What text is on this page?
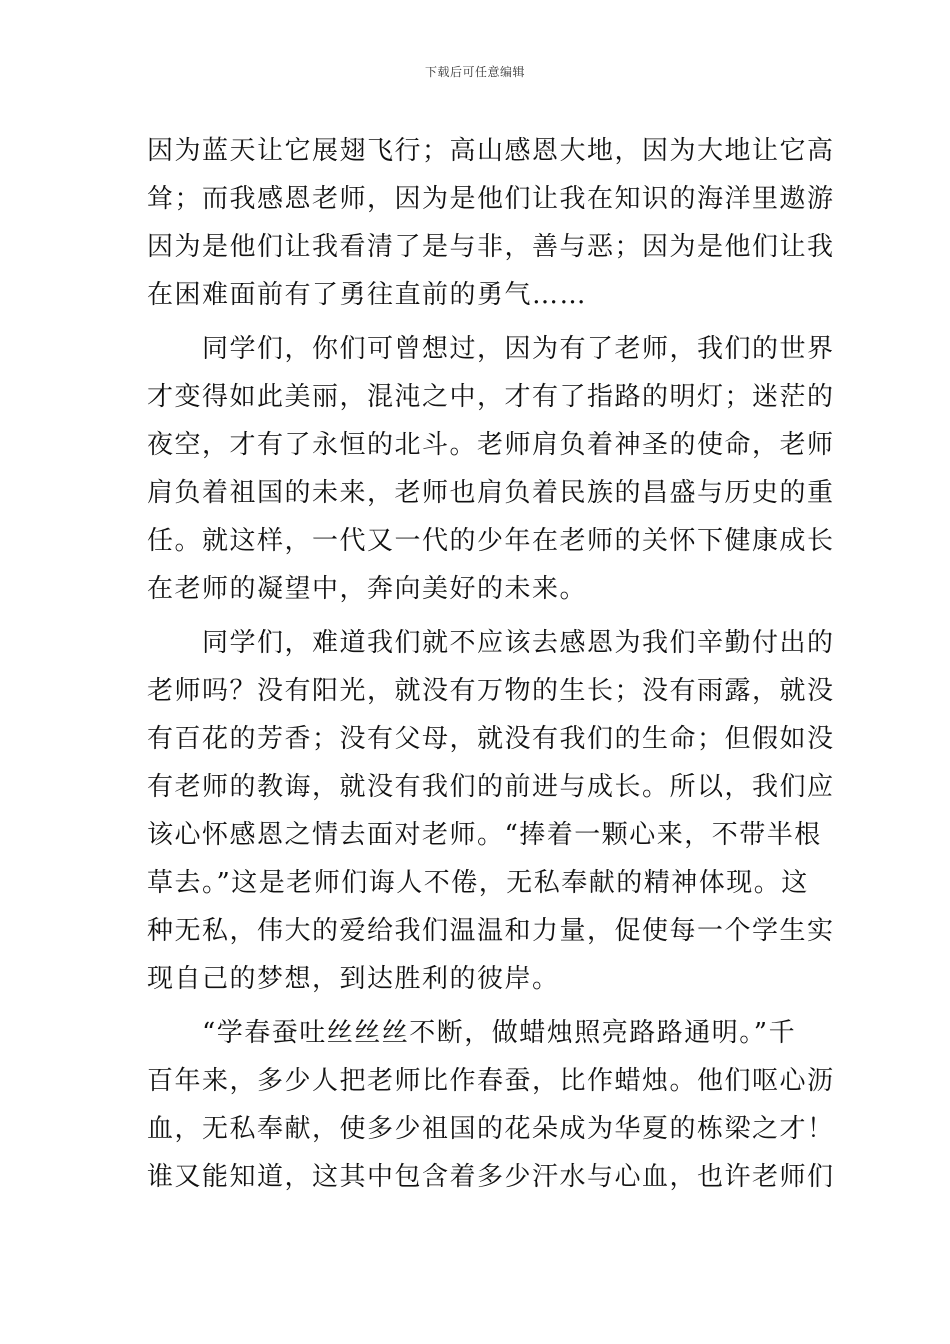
下载后可任意编辑
因为蓝天让它展翅飞行；高山感恩大地，因为大地让它高
耸；而我感恩老师，因为是他们让我在知识的海洋里遨游
因为是他们让我看清了是与非，善与恶；因为是他们让我
在困难面前有了勇往直前的勇气……
　　同学们，你们可曾想过，因为有了老师，我们的世界
才变得如此美丽，混沌之中，才有了指路的明灯；迷茫的
夜空，才有了永恒的北斗。老师肩负着神圣的使命，老师
肩负着祖国的未来，老师也肩负着民族的昌盛与历史的重
任。就这样，一代又一代的少年在老师的关怀下健康成长
在老师的凝望中，奔向美好的未来。
　　同学们，难道我们就不应该去感恩为我们辛勤付出的
老师吗？没有阳光，就没有万物的生长；没有雨露，就没
有百花的芳香；没有父母，就没有我们的生命；但假如没
有老师的教诲，就没有我们的前进与成长。所以，我们应
该心怀感恩之情去面对老师。“捧着一颗心来，不带半根
草去。”这是老师们诲人不倦，无私奉献的精神体现。这
种无私，伟大的爱给我们温温和力量，促使每一个学生实
现自己的梦想，到达胜利的彼岸。
　　“学春蚕吐丝丝丝不断，做蜡烛照亮路路通明。”千
百年来，多少人把老师比作春蚕，比作蜡烛。他们呕心沥
血，无私奉献，使多少祖国的花朵成为华夏的栋梁之才！
谁又能知道，这其中包含着多少汗水与心血，也许老师们
